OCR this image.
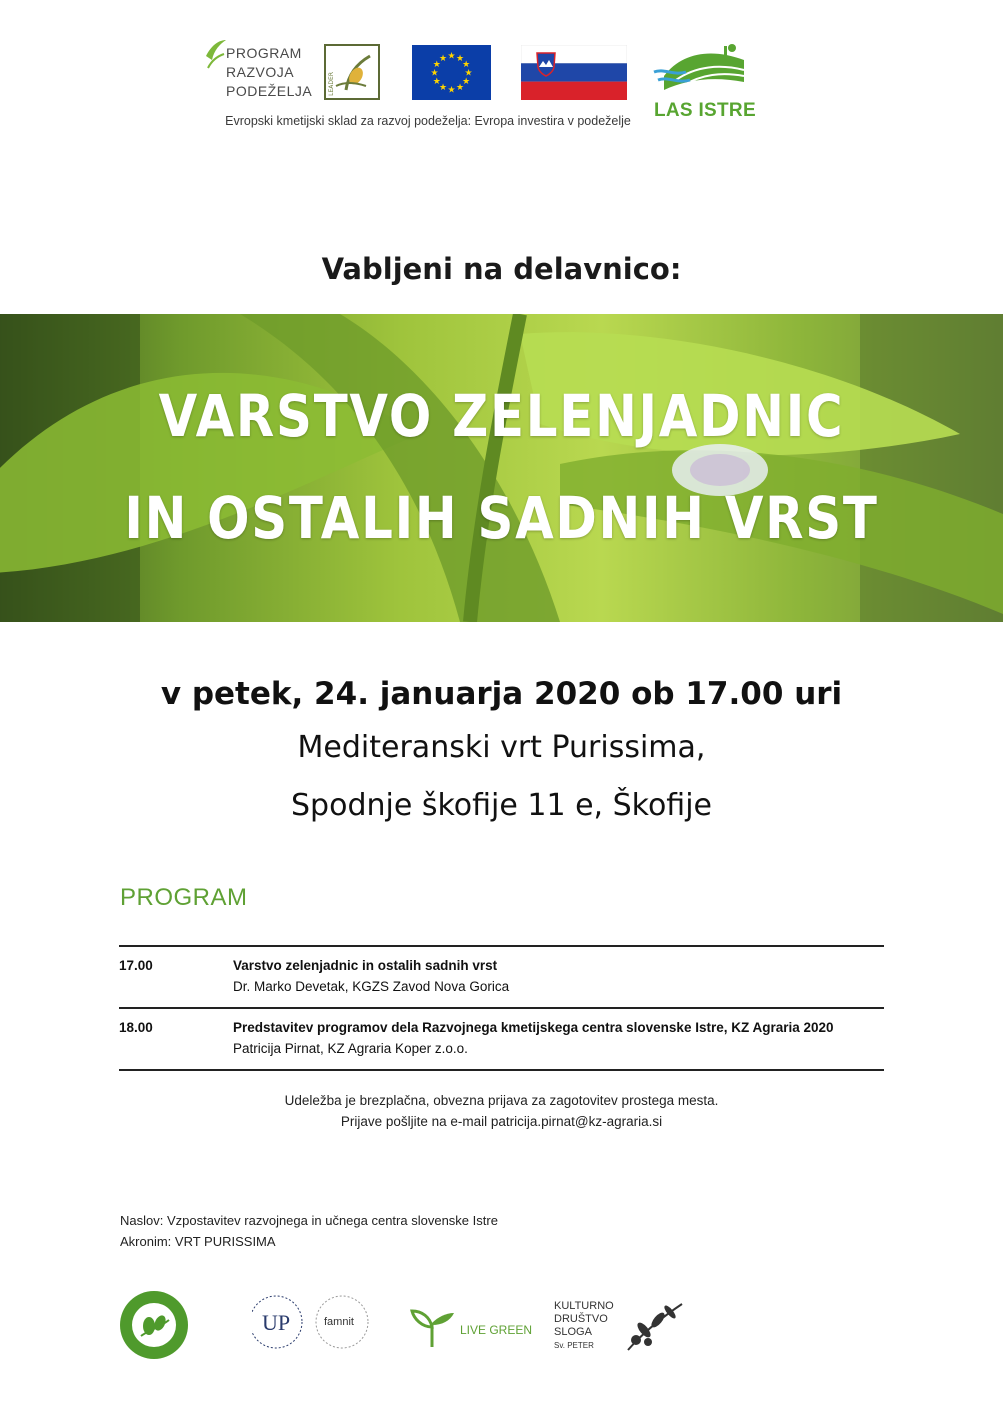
PROGRAM
RAZVOJA
PODEŽELJA	LEADER	★
★
★
★
★
★
★
★
★ ★ ★
★
LAS ISTRE
Evropski kmetijski sklad za razvoj podeželja: Evropa investira v podeželje
Vabljeni na delavnico:
VARSTVO ZELENJADNIC
IN OSTALIH SADNIH VRST
v petek, 24. januarja 2020 ob 17.00 uri
Mediteranski vrt Purissima,
Spodnje škofije 11 e, Škofije
PROGRAM
17.00	Varstvo zelenjadnic in ostalih sadnih vrst
Dr. Marko Devetak, KGZS Zavod Nova Gorica
18.00	Predstavitev programov dela Razvojnega kmetijskega centra slovenske Istre, KZ Agraria 2020
Patricija Pirnat, KZ Agraria Koper z.o.o.
Udeležba je brezplačna, obvezna prijava za zagotovitev prostega mesta.
Prijave pošljite na e-mail patricija.pirnat@kz-agraria.si
Naslov: Vzpostavitev razvojnega in učnega centra slovenske Istre
Akronim: VRT PURISSIMA
UP	famnit
LIVE GREEN
KULTURNO
DRUŠTVO
SLOGA
Sv. PETER
